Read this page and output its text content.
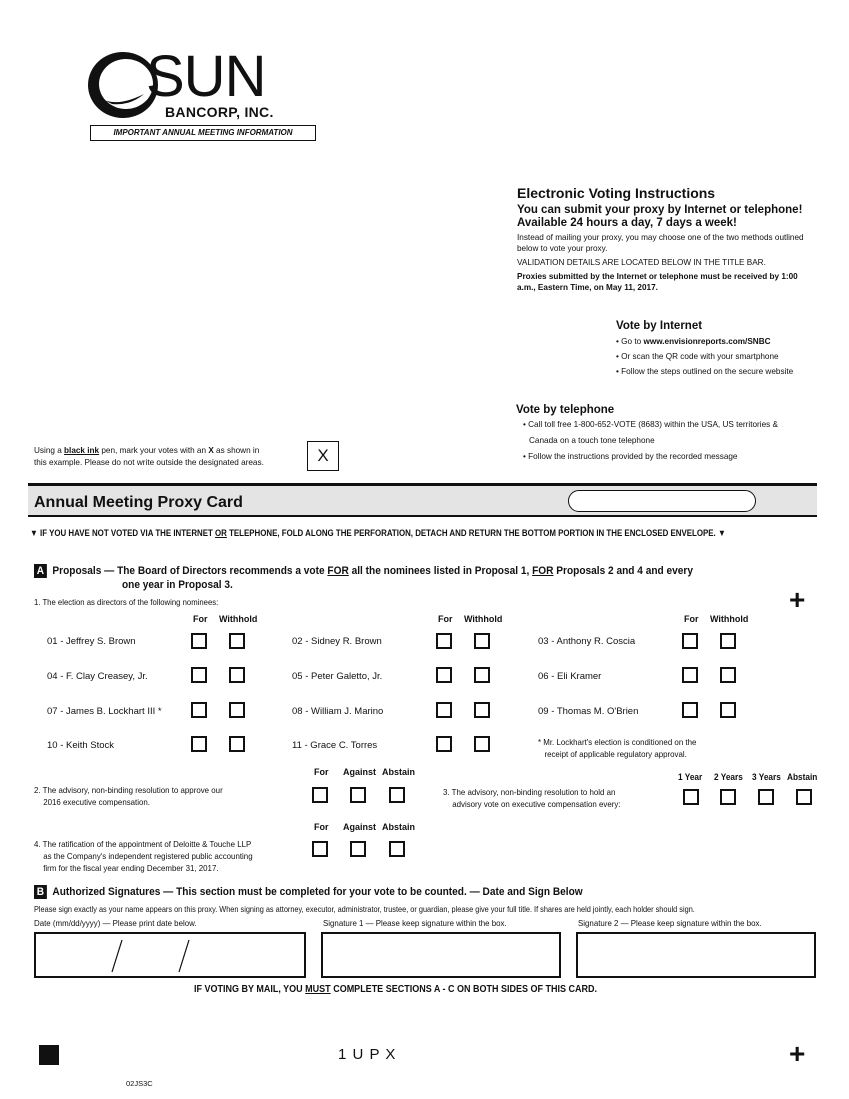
SUN
BANCORP, INC.
IMPORTANT ANNUAL MEETING INFORMATION
Electronic Voting Instructions
You can submit your proxy by Internet or telephone!
Available 24 hours a day, 7 days a week!
Instead of mailing your proxy, you may choose one of the two methods outlined below to vote your proxy.
VALIDATION DETAILS ARE LOCATED BELOW IN THE TITLE BAR.
Proxies submitted by the Internet or telephone must be received by 1:00 a.m., Eastern Time, on May 11, 2017.
Vote by Internet
• Go to www.envisionreports.com/SNBC
• Or scan the QR code with your smartphone
• Follow the steps outlined on the secure website
Vote by telephone
• Call toll free 1-800-652-VOTE (8683) within the USA, US territories &
Canada on a touch tone telephone
• Follow the instructions provided by the recorded message
Using a black ink pen, mark your votes with an X as shown in
this example. Please do not write outside the designated areas.	X
Annual Meeting Proxy Card
▼ IF YOU HAVE NOT VOTED VIA THE INTERNET OR TELEPHONE, FOLD ALONG THE PERFORATION, DETACH AND RETURN THE BOTTOM PORTION IN THE ENCLOSED ENVELOPE. ▼
A Proposals — The Board of Directors recommends a vote FOR all the nominees listed in Proposal 1, FOR Proposals 2 and 4 and every
one year in Proposal 3.	+
1. The election as directors of the following nominees:
For Withhold	For Withhold	For Withhold
01 - Jeffrey S. Brown	02 - Sidney R. Brown	03 - Anthony R. Coscia
04 - F. Clay Creasey, Jr.	05 - Peter Galetto, Jr.	06 - Eli Kramer
07 - James B. Lockhart III *	08 - William J. Marino	09 - Thomas M. O'Brien
10 - Keith Stock	11 - Grace C. Torres	* Mr. Lockhart's election is conditioned on the
receipt of applicable regulatory approval.
For Against Abstain
2. The advisory, non-binding resolution to approve our
2016 executive compensation.
1 Year 2 Years 3 Years Abstain
3. The advisory, non-binding resolution to hold an
advisory vote on executive compensation every:
For Against Abstain
4. The ratification of the appointment of Deloitte & Touche LLP
as the Company's independent registered public accounting
firm for the fiscal year ending December 31, 2017.
B Authorized Signatures — This section must be completed for your vote to be counted. — Date and Sign Below
Please sign exactly as your name appears on this proxy. When signing as attorney, executor, administrator, trustee, or guardian, please give your full title. If shares are held jointly, each holder should sign.
Date (mm/dd/yyyy) — Please print date below.	Signature 1 — Please keep signature within the box.	Signature 2 — Please keep signature within the box.
IF VOTING BY MAIL, YOU MUST COMPLETE SECTIONS A - C ON BOTH SIDES OF THIS CARD.
1 U P X	+
02JS3C
